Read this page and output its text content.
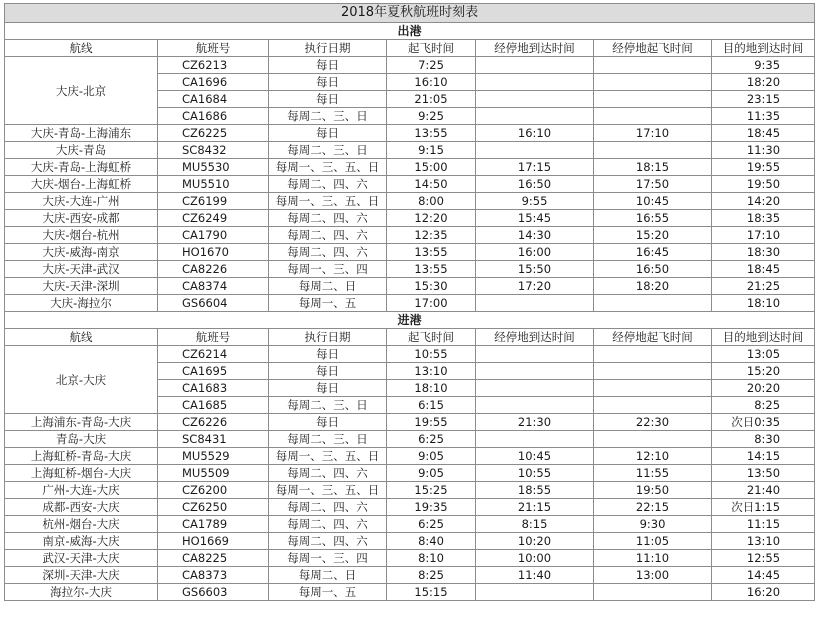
2018年夏秋航班时刻表						
出港						
航线	航班号	执行日期	起飞时间	经停地到达时间	经停地起飞时间	目的地到达时间
大庆-北京	CZ6213	每日	7:25			9:35
	CA1696	每日	16:10			18:20
	CA1684	每日	21:05			23:15
	CA1686	每周二、三、日	9:25			11:35
大庆-青岛-上海浦东	CZ6225	每日	13:55	16:10	17:10	18:45
大庆-青岛	SC8432	每周二、三、日	9:15			11:30
大庆-青岛-上海虹桥	MU5530	每周一、三、五、日	15:00	17:15	18:15	19:55
大庆-烟台-上海虹桥	MU5510	每周二、四、六	14:50	16:50	17:50	19:50
大庆-大连-广州	CZ6199	每周一、三、五、日	8:00	9:55	10:45	14:20
大庆-西安-成都	CZ6249	每周二、四、六	12:20	15:45	16:55	18:35
大庆-烟台-杭州	CA1790	每周二、四、六	12:35	14:30	15:20	17:10
大庆-威海-南京	HO1670	每周二、四、六	13:55	16:00	16:45	18:30
大庆-天津-武汉	CA8226	每周一、三、四	13:55	15:50	16:50	18:45
大庆-天津-深圳	CA8374	每周二、日	15:30	17:20	18:20	21:25
大庆-海拉尔	GS6604	每周一、五	17:00			18:10
进港						
航线	航班号	执行日期	起飞时间	经停地到达时间	经停地起飞时间	目的地到达时间
北京-大庆	CZ6214	每日	10:55			13:05
	CA1695	每日	13:10			15:20
	CA1683	每日	18:10			20:20
	CA1685	每周二、三、日	6:15			8:25
上海浦东-青岛-大庆	CZ6226	每日	19:55	21:30	22:30	次日0:35
青岛-大庆	SC8431	每周二、三、日	6:25			8:30
上海虹桥-青岛-大庆	MU5529	每周一、三、五、日	9:05	10:45	12:10	14:15
上海虹桥-烟台-大庆	MU5509	每周二、四、六	9:05	10:55	11:55	13:50
广州-大连-大庆	CZ6200	每周一、三、五、日	15:25	18:55	19:50	21:40
成都-西安-大庆	CZ6250	每周二、四、六	19:35	21:15	22:15	次日1:15
杭州-烟台-大庆	CA1789	每周二、四、六	6:25	8:15	9:30	11:15
南京-威海-大庆	HO1669	每周二、四、六	8:40	10:20	11:05	13:10
武汉-天津-大庆	CA8225	每周一、三、四	8:10	10:00	11:10	12:55
深圳-天津-大庆	CA8373	每周二、日	8:25	11:40	13:00	14:45
海拉尔-大庆	GS6603	每周一、五	15:15			16:20
